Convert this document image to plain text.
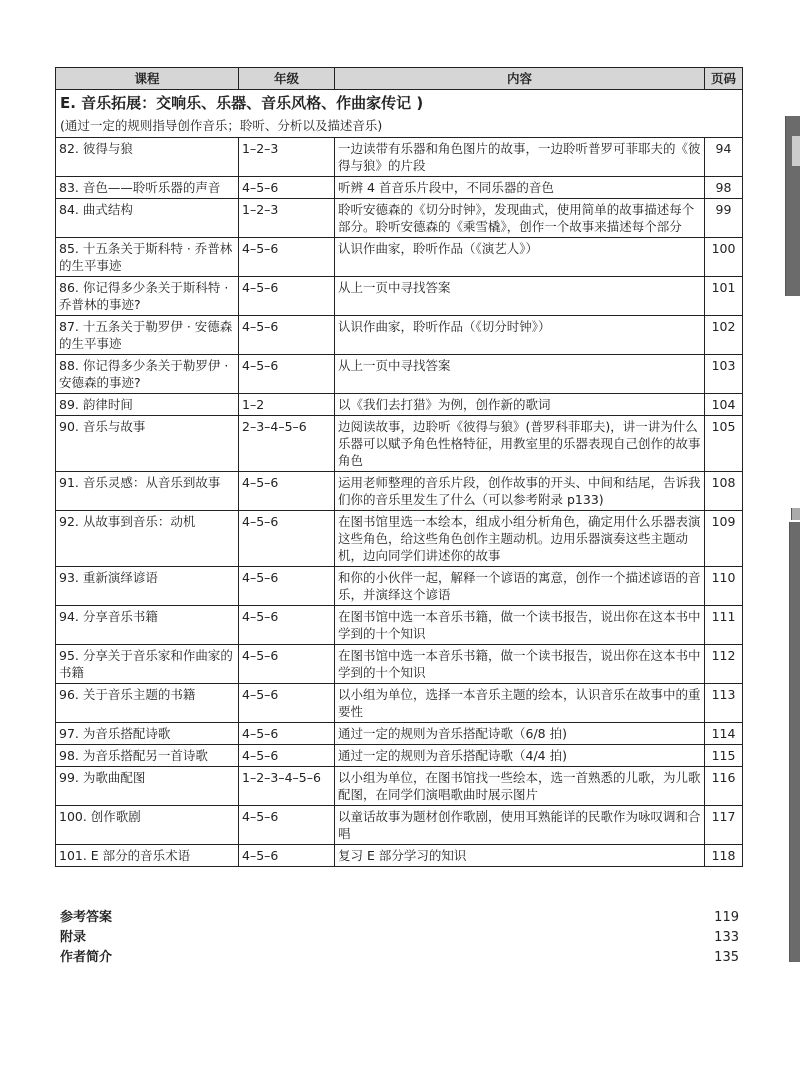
课程	年级	内容	页码
E. 音乐拓展：交响乐、乐器、音乐风格、作曲家传记 )			
(通过一定的规则指导创作音乐；聆听、分析以及描述音乐)			
82. 彼得与狼	1–2–3	一边读带有乐器和角色图片的故事，一边聆听普罗可菲耶夫的《彼得与狼》的片段	94
83. 音色——聆听乐器的声音	4–5–6	听辨 4 首音乐片段中，不同乐器的音色	98
84. 曲式结构	1–2–3	聆听安德森的《切分时钟》，发现曲式，使用简单的故事描述每个部分。聆听安德森的《乘雪橇》，创作一个故事来描述每个部分	99
85. 十五条关于斯科特 · 乔普林的生平事迹	4–5–6	认识作曲家，聆听作品（《演艺人》）	100
86. 你记得多少条关于斯科特 · 乔普林的事迹?	4–5–6	从上一页中寻找答案	101
87. 十五条关于勒罗伊 · 安德森的生平事迹	4–5–6	认识作曲家，聆听作品（《切分时钟》）	102
88. 你记得多少条关于勒罗伊 · 安德森的事迹?	4–5–6	从上一页中寻找答案	103
89. 韵律时间	1–2	以《我们去打猎》为例，创作新的歌词	104
90. 音乐与故事	2–3–4–5–6	边阅读故事，边聆听《彼得与狼》(普罗科菲耶夫)，讲一讲为什么乐器可以赋予角色性格特征，用教室里的乐器表现自己创作的故事角色	105
91. 音乐灵感：从音乐到故事	4–5–6	运用老师整理的音乐片段，创作故事的开头、中间和结尾，告诉我们你的音乐里发生了什么（可以参考附录 p133)	108
92. 从故事到音乐：动机	4–5–6	在图书馆里选一本绘本，组成小组分析角色，确定用什么乐器表演这些角色，给这些角色创作主题动机。边用乐器演奏这些主题动机，边向同学们讲述你的故事	109
93. 重新演绎谚语	4–5–6	和你的小伙伴一起，解释一个谚语的寓意，创作一个描述谚语的音乐，并演绎这个谚语	110
94. 分享音乐书籍	4–5–6	在图书馆中选一本音乐书籍，做一个读书报告，说出你在这本书中学到的十个知识	111
95. 分享关于音乐家和作曲家的书籍	4–5–6	在图书馆中选一本音乐书籍，做一个读书报告，说出你在这本书中学到的十个知识	112
96. 关于音乐主题的书籍	4–5–6	以小组为单位，选择一本音乐主题的绘本，认识音乐在故事中的重要性	113
97. 为音乐搭配诗歌	4–5–6	通过一定的规则为音乐搭配诗歌（6/8 拍)	114
98. 为音乐搭配另一首诗歌	4–5–6	通过一定的规则为音乐搭配诗歌（4/4 拍)	115
99. 为歌曲配图	1–2–3–4–5–6	以小组为单位，在图书馆找一些绘本，选一首熟悉的儿歌，为儿歌配图，在同学们演唱歌曲时展示图片	116
100. 创作歌剧	4–5–6	以童话故事为题材创作歌剧，使用耳熟能详的民歌作为咏叹调和合唱	117
101. E 部分的音乐术语	4–5–6	复习 E 部分学习的知识	118
参考答案	119
附录	133
作者简介	135
